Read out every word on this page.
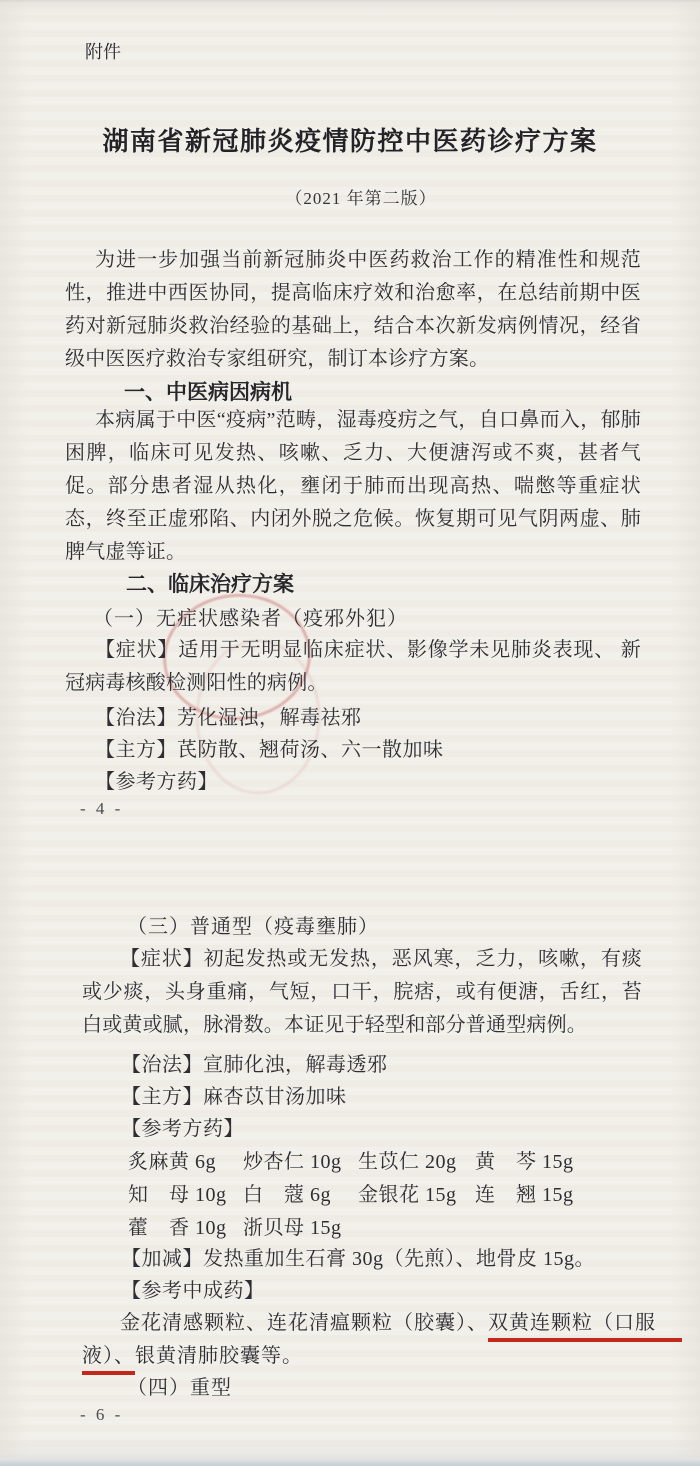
附件
湖南省新冠肺炎疫情防控中医药诊疗方案
（2021 年第二版）
为进一步加强当前新冠肺炎中医药救治工作的精准性和规范性，推进中西医协同，提高临床疗效和治愈率，在总结前期中医药对新冠肺炎救治经验的基础上，结合本次新发病例情况，经省级中医医疗救治专家组研究，制订本诊疗方案。
一、中医病因病机
本病属于中医“疫病”范畴，湿毒疫疠之气，自口鼻而入，郁肺困脾，临床可见发热、咳嗽、乏力、大便溏泻或不爽，甚者气促。部分患者湿从热化，壅闭于肺而出现高热、喘憋等重症状态，终至正虚邪陷、内闭外脱之危候。恢复期可见气阴两虚、肺脾气虚等证。
二、临床治疗方案
（一）无症状感染者（疫邪外犯）
【症状】适用于无明显临床症状、影像学未见肺炎表现、 新冠病毒核酸检测阳性的病例。
【治法】芳化湿浊，解毒祛邪
【主方】芪防散、翘荷汤、六一散加味
【参考方药】
- 4 -
（三）普通型（疫毒壅肺）
【症状】初起发热或无发热，恶风寒，乏力，咳嗽，有痰或少痰，头身重痛，气短，口干，脘痞，或有便溏，舌红，苔白或黄或腻，脉滑数。本证见于轻型和部分普通型病例。
【治法】宣肺化浊，解毒透邪
【主方】麻杏苡甘汤加味
【参考方药】
炙麻黄 6g	炒杏仁 10g 生苡仁 20g 黄　芩 15g
知　母 10g 白　蔻 6g	金银花 15g 连　翘 15g
藿　香 10g 浙贝母 15g
【加减】发热重加生石膏 30g（先煎）、地骨皮 15g。
【参考中成药】
金花清感颗粒、连花清瘟颗粒（胶囊）、双黄连颗粒（口服
液）、银黄清肺胶囊等。
（四）重型
- 6 -
